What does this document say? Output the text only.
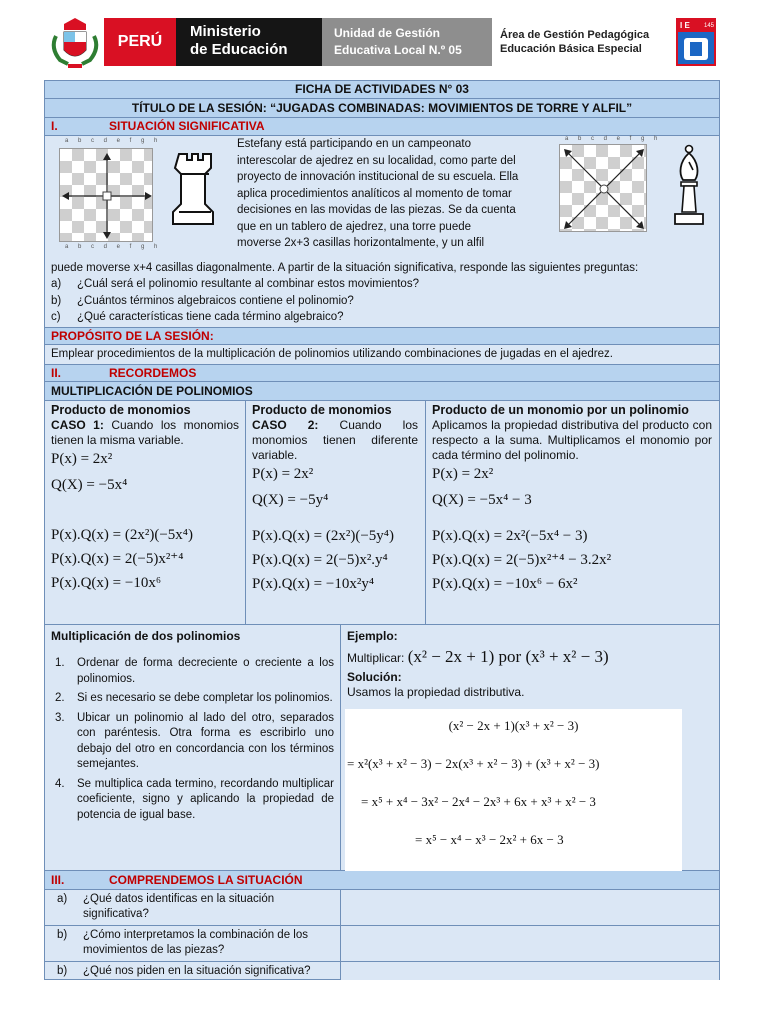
PERÚ
Ministerio
de Educación
Unidad de Gestión
Educativa Local N.º 05
Área de Gestión Pedagógica
Educación Básica Especial
I E	145
FICHA DE ACTIVIDADES N° 03
TÍTULO DE LA SESIÓN: “JUGADAS COMBINADAS: MOVIMIENTOS DE TORRE Y ALFIL”
I.	SITUACIÓN SIGNIFICATIVA
a b c d e f g h
a b c d e f g h
Estefany está participando en un campeonato
interescolar de ajedrez en su localidad, como parte del
proyecto de innovación institucional de su escuela. Ella
aplica procedimientos analíticos al momento de tomar
decisiones en las movidas de las piezas. Se da cuenta
que en un tablero de ajedrez, una torre puede
moverse 2x+3 casillas horizontalmente, y un alfil
a b c d e f g h
puede moverse x+4 casillas diagonalmente. A partir de la situación significativa, responde las siguientes preguntas:
a) ¿Cuál será el polinomio resultante al combinar estos movimientos?
b) ¿Cuántos términos algebraicos contiene el polinomio?
c) ¿Qué características tiene cada término algebraico?
PROPÓSITO DE LA SESIÓN:
Emplear procedimientos de la multiplicación de polinomios utilizando combinaciones de jugadas en el ajedrez.
II.	RECORDEMOS
MULTIPLICACIÓN DE POLINOMIOS
Producto de monomios
CASO 1: Cuando los monomios tienen la misma variable.
P(x) = 2x²
Q(X) = −5x⁴
P(x).Q(x) = (2x²)(−5x⁴)
P(x).Q(x) = 2(−5)x²⁺⁴
P(x).Q(x) = −10x⁶
Producto de monomios
CASO 2: Cuando los monomios tienen diferente variable.
P(x) = 2x²
Q(X) = −5y⁴
P(x).Q(x) = (2x²)(−5y⁴)
P(x).Q(x) = 2(−5)x².y⁴
P(x).Q(x) = −10x²y⁴
Producto de un monomio por un polinomio
Aplicamos la propiedad distributiva del producto con respecto a la suma. Multiplicamos el monomio por cada término del polinomio.
P(x) = 2x²
Q(X) = −5x⁴ − 3
P(x).Q(x) = 2x²(−5x⁴ − 3)
P(x).Q(x) = 2(−5)x²⁺⁴ − 3.2x²
P(x).Q(x) = −10x⁶ − 6x²
Multiplicación de dos polinomios
1.	Ordenar de forma decreciente o creciente a los polinomios.
2.	Si es necesario se debe completar los polinomios.
3.	Ubicar un polinomio al lado del otro, separados con paréntesis. Otra forma es escribirlo uno debajo del otro en concordancia con los términos semejantes.
4.	Se multiplica cada termino, recordando multiplicar coeficiente, signo y aplicando la propiedad de potencia de igual base.
Ejemplo:
Multiplicar: (x² − 2x + 1) por (x³ + x² − 3)
Solución:
Usamos la propiedad distributiva.
(x² − 2x + 1)(x³ + x² − 3)
= x²(x³ + x² − 3) − 2x(x³ + x² − 3) + (x³ + x² − 3)
= x⁵ + x⁴ − 3x² − 2x⁴ − 2x³ + 6x + x³ + x² − 3
= x⁵ − x⁴ − x³ − 2x² + 6x − 3
III.	COMPRENDEMOS LA SITUACIÓN
a)	¿Qué datos identificas en la situación significativa?
b)	¿Cómo interpretamos la combinación de los movimientos de las piezas?
b)	¿Qué nos piden en la situación significativa?
